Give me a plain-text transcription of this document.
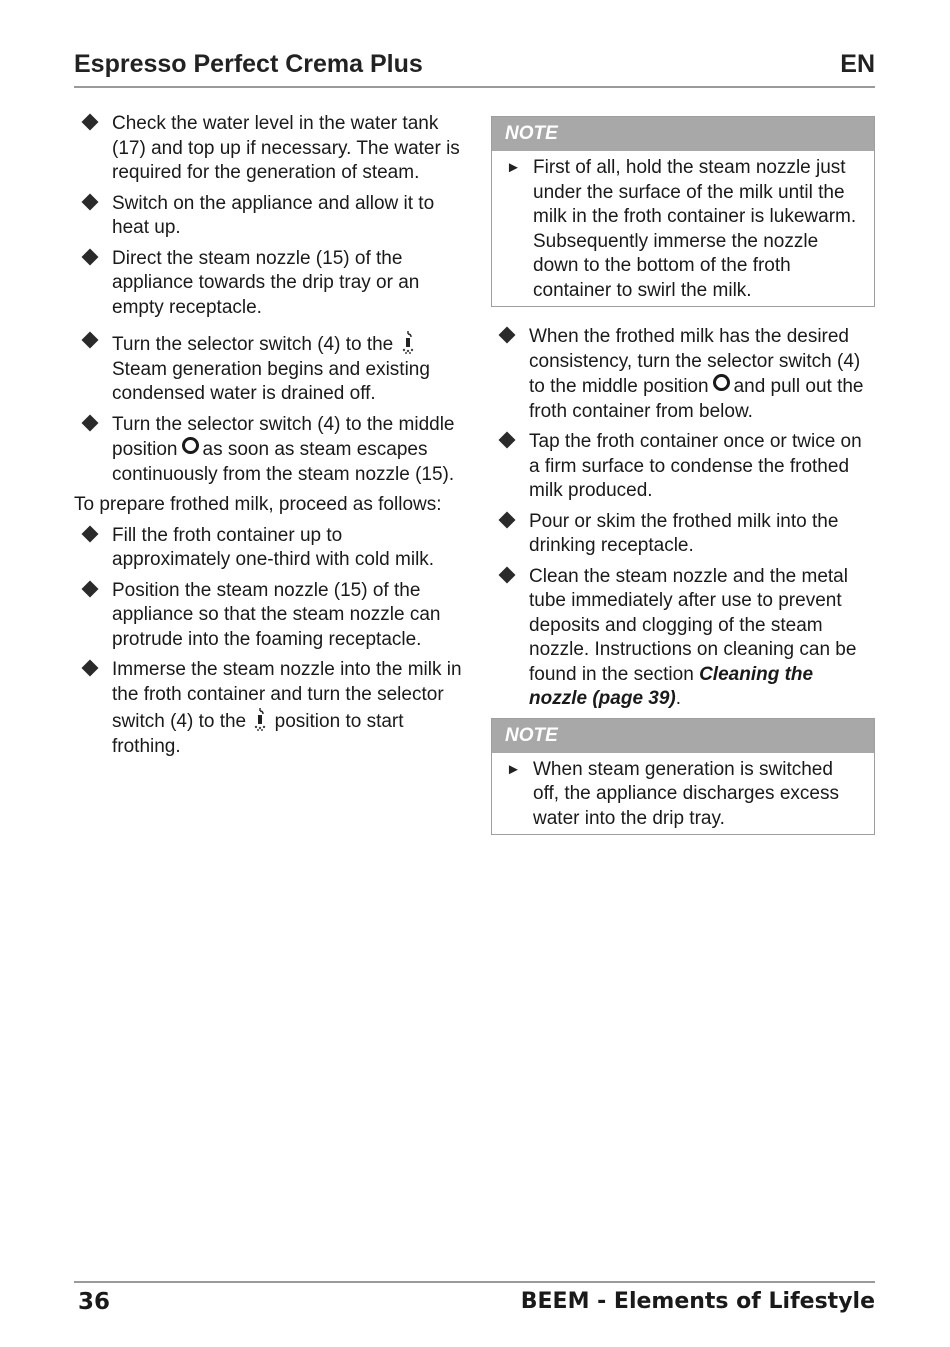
Espresso Perfect Crema Plus	EN
Check the water level in the water tank (17) and top up if necessary. The water is required for the generation of steam.
Switch on the appliance and allow it to heat up.
Direct the steam nozzle (15) of the appliance towards the drip tray or an empty receptacle.
Turn the selector switch (4) to the
Steam generation begins and existing condensed water is drained off.
Turn the selector switch (4) to the middle position as soon as steam escapes continuously from the steam nozzle (15).

To prepare frothed milk, proceed as follows:

Fill the froth container up to approximately one-third with cold milk.
Position the steam nozzle (15) of the appliance so that the steam nozzle can protrude into the foaming receptacle.
Immerse the steam nozzle into the milk in the froth container and turn the selector switch (4) to the position to start frothing.
NOTE
► First of all, hold the steam nozzle just under the surface of the milk until the milk in the froth container is lukewarm.
Subsequently immerse the nozzle down to the bottom of the froth container to swirl the milk.
When the frothed milk has the desired consistency, turn the selector switch (4) to the middle position and pull out the froth container from below.
Tap the froth container once or twice on a firm surface to condense the frothed milk produced.
Pour or skim the frothed milk into the drinking receptacle.
Clean the steam nozzle and the metal tube immediately after use to prevent deposits and clogging of the steam nozzle. Instructions on cleaning can be found in the section Cleaning the nozzle (page 39).
NOTE
► When steam generation is switched off, the appliance discharges excess water into the drip tray.
36	BEEM - Elements of Lifestyle
